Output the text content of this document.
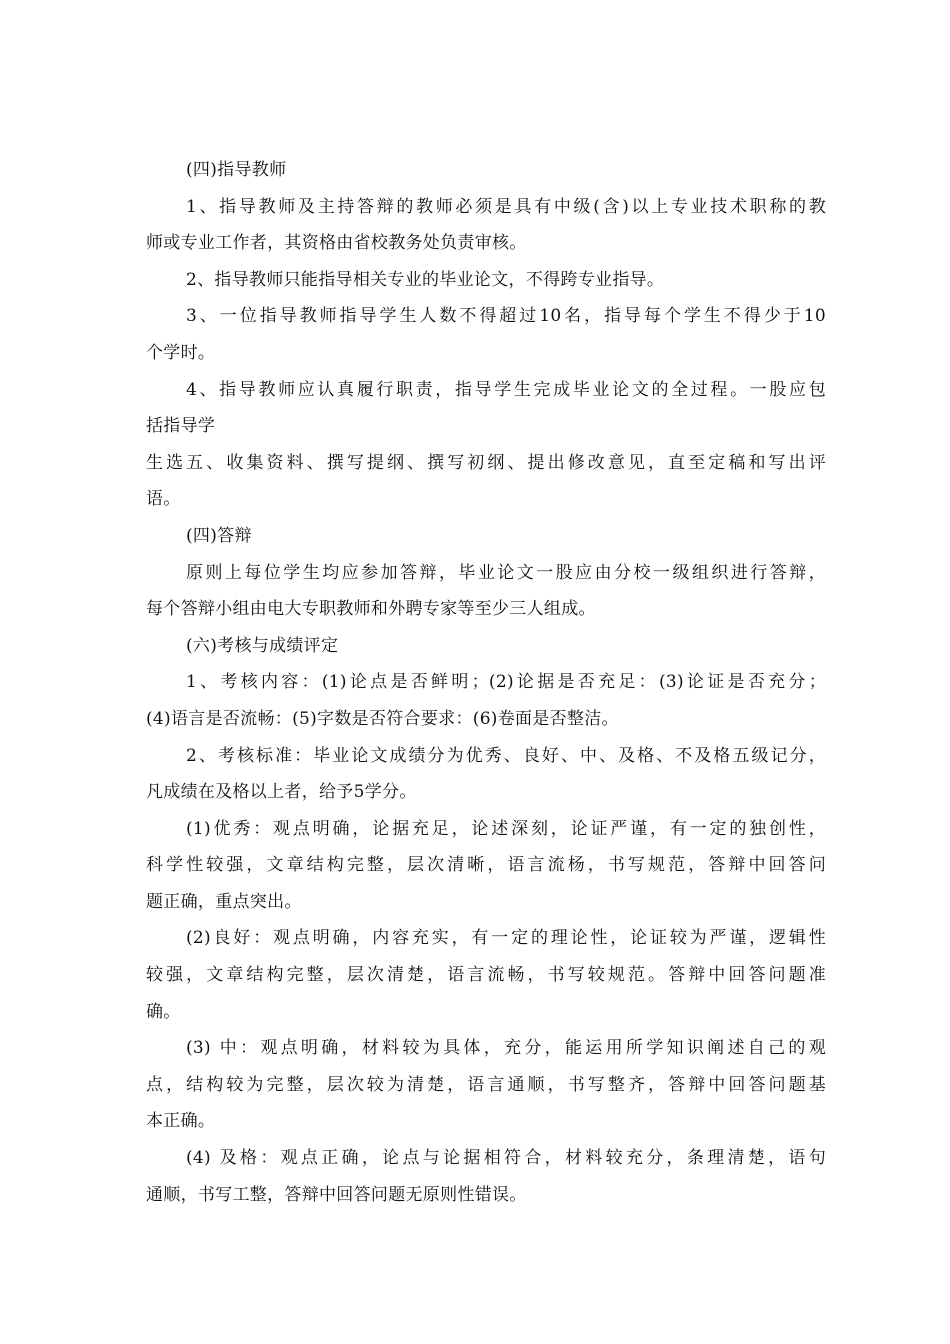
(四)指导教师
1、指导教师及主持答辩的教师必须是具有中级(含)以上专业技术职称的教
师或专业工作者，其资格由省校教务处负责审核。
2、指导教师只能指导相关专业的毕业论文，不得跨专业指导。
3、一位指导教师指导学生人数不得超过10名，指导每个学生不得少于10
个学时。
4、指导教师应认真履行职责，指导学生完成毕业论文的全过程。一股应包
括指导学
生选五、收集资料、撰写提纲、撰写初纲、提出修改意见，直至定稿和写出评
语。
(四)答辩
原则上每位学生均应参加答辩，毕业论文一股应由分校一级组织进行答辩，
每个答辩小组由电大专职教师和外聘专家等至少三人组成。
(六)考核与成绩评定
1、考核内容：(1)论点是否鲜明；(2)论据是否充足：(3)论证是否充分；
(4)语言是否流畅：(5)字数是否符合要求：(6)卷面是否整洁。
2、考核标准：毕业论文成绩分为优秀、良好、中、及格、不及格五级记分，
凡成绩在及格以上者，给予5学分。
(1)优秀：观点明确，论据充足，论述深刻，论证严谨，有一定的独创性，
科学性较强，文章结构完整，层次清晰，语言流杨，书写规范，答辩中回答问
题正确，重点突出。
(2)良好：观点明确，内容充实，有一定的理论性，论证较为严谨，逻辑性
较强，文章结构完整，层次清楚，语言流畅，书写较规范。答辩中回答问题准
确。
(3) 中：观点明确，材料较为具体，充分，能运用所学知识阐述自己的观
点，结构较为完整，层次较为清楚，语言通顺，书写整齐，答辩中回答问题基
本正确。
(4) 及格：观点正确，论点与论据相符合，材料较充分，条理清楚，语句
通顺，书写工整，答辩中回答问题无原则性错误。
